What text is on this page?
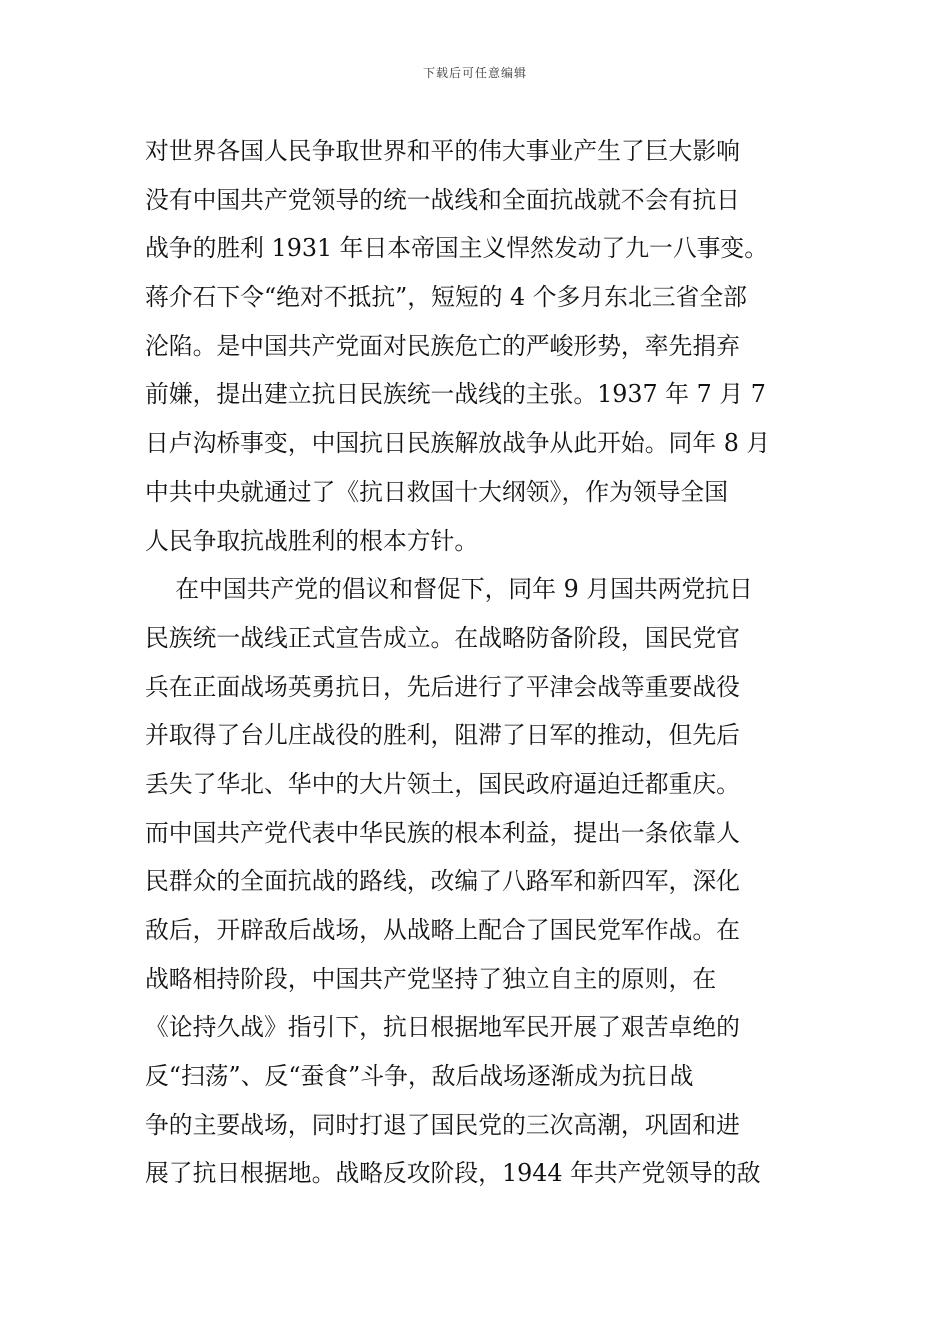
下载后可任意编辑
对世界各国人民争取世界和平的伟大事业产生了巨大影响
没有中国共产党领导的统一战线和全面抗战就不会有抗日
战争的胜利 1931 年日本帝国主义悍然发动了九一八事变。
蒋介石下令“绝对不抵抗”，短短的 4 个多月东北三省全部
沦陷。是中国共产党面对民族危亡的严峻形势，率先捐弃
前嫌，提出建立抗日民族统一战线的主张。1937 年 7 月 7
日卢沟桥事变，中国抗日民族解放战争从此开始。同年 8 月
中共中央就通过了《抗日救国十大纲领》，作为领导全国
人民争取抗战胜利的根本方针。
在中国共产党的倡议和督促下，同年 9 月国共两党抗日
民族统一战线正式宣告成立。在战略防备阶段，国民党官
兵在正面战场英勇抗日，先后进行了平津会战等重要战役
并取得了台儿庄战役的胜利，阻滞了日军的推动，但先后
丢失了华北、华中的大片领土，国民政府逼迫迁都重庆。
而中国共产党代表中华民族的根本利益，提出一条依靠人
民群众的全面抗战的路线，改编了八路军和新四军，深化
敌后，开辟敌后战场，从战略上配合了国民党军作战。在
战略相持阶段，中国共产党坚持了独立自主的原则，在
《论持久战》指引下，抗日根据地军民开展了艰苦卓绝的
反“扫荡”、反“蚕食”斗争，敌后战场逐渐成为抗日战
争的主要战场，同时打退了国民党的三次高潮，巩固和进
展了抗日根据地。战略反攻阶段，1944 年共产党领导的敌
